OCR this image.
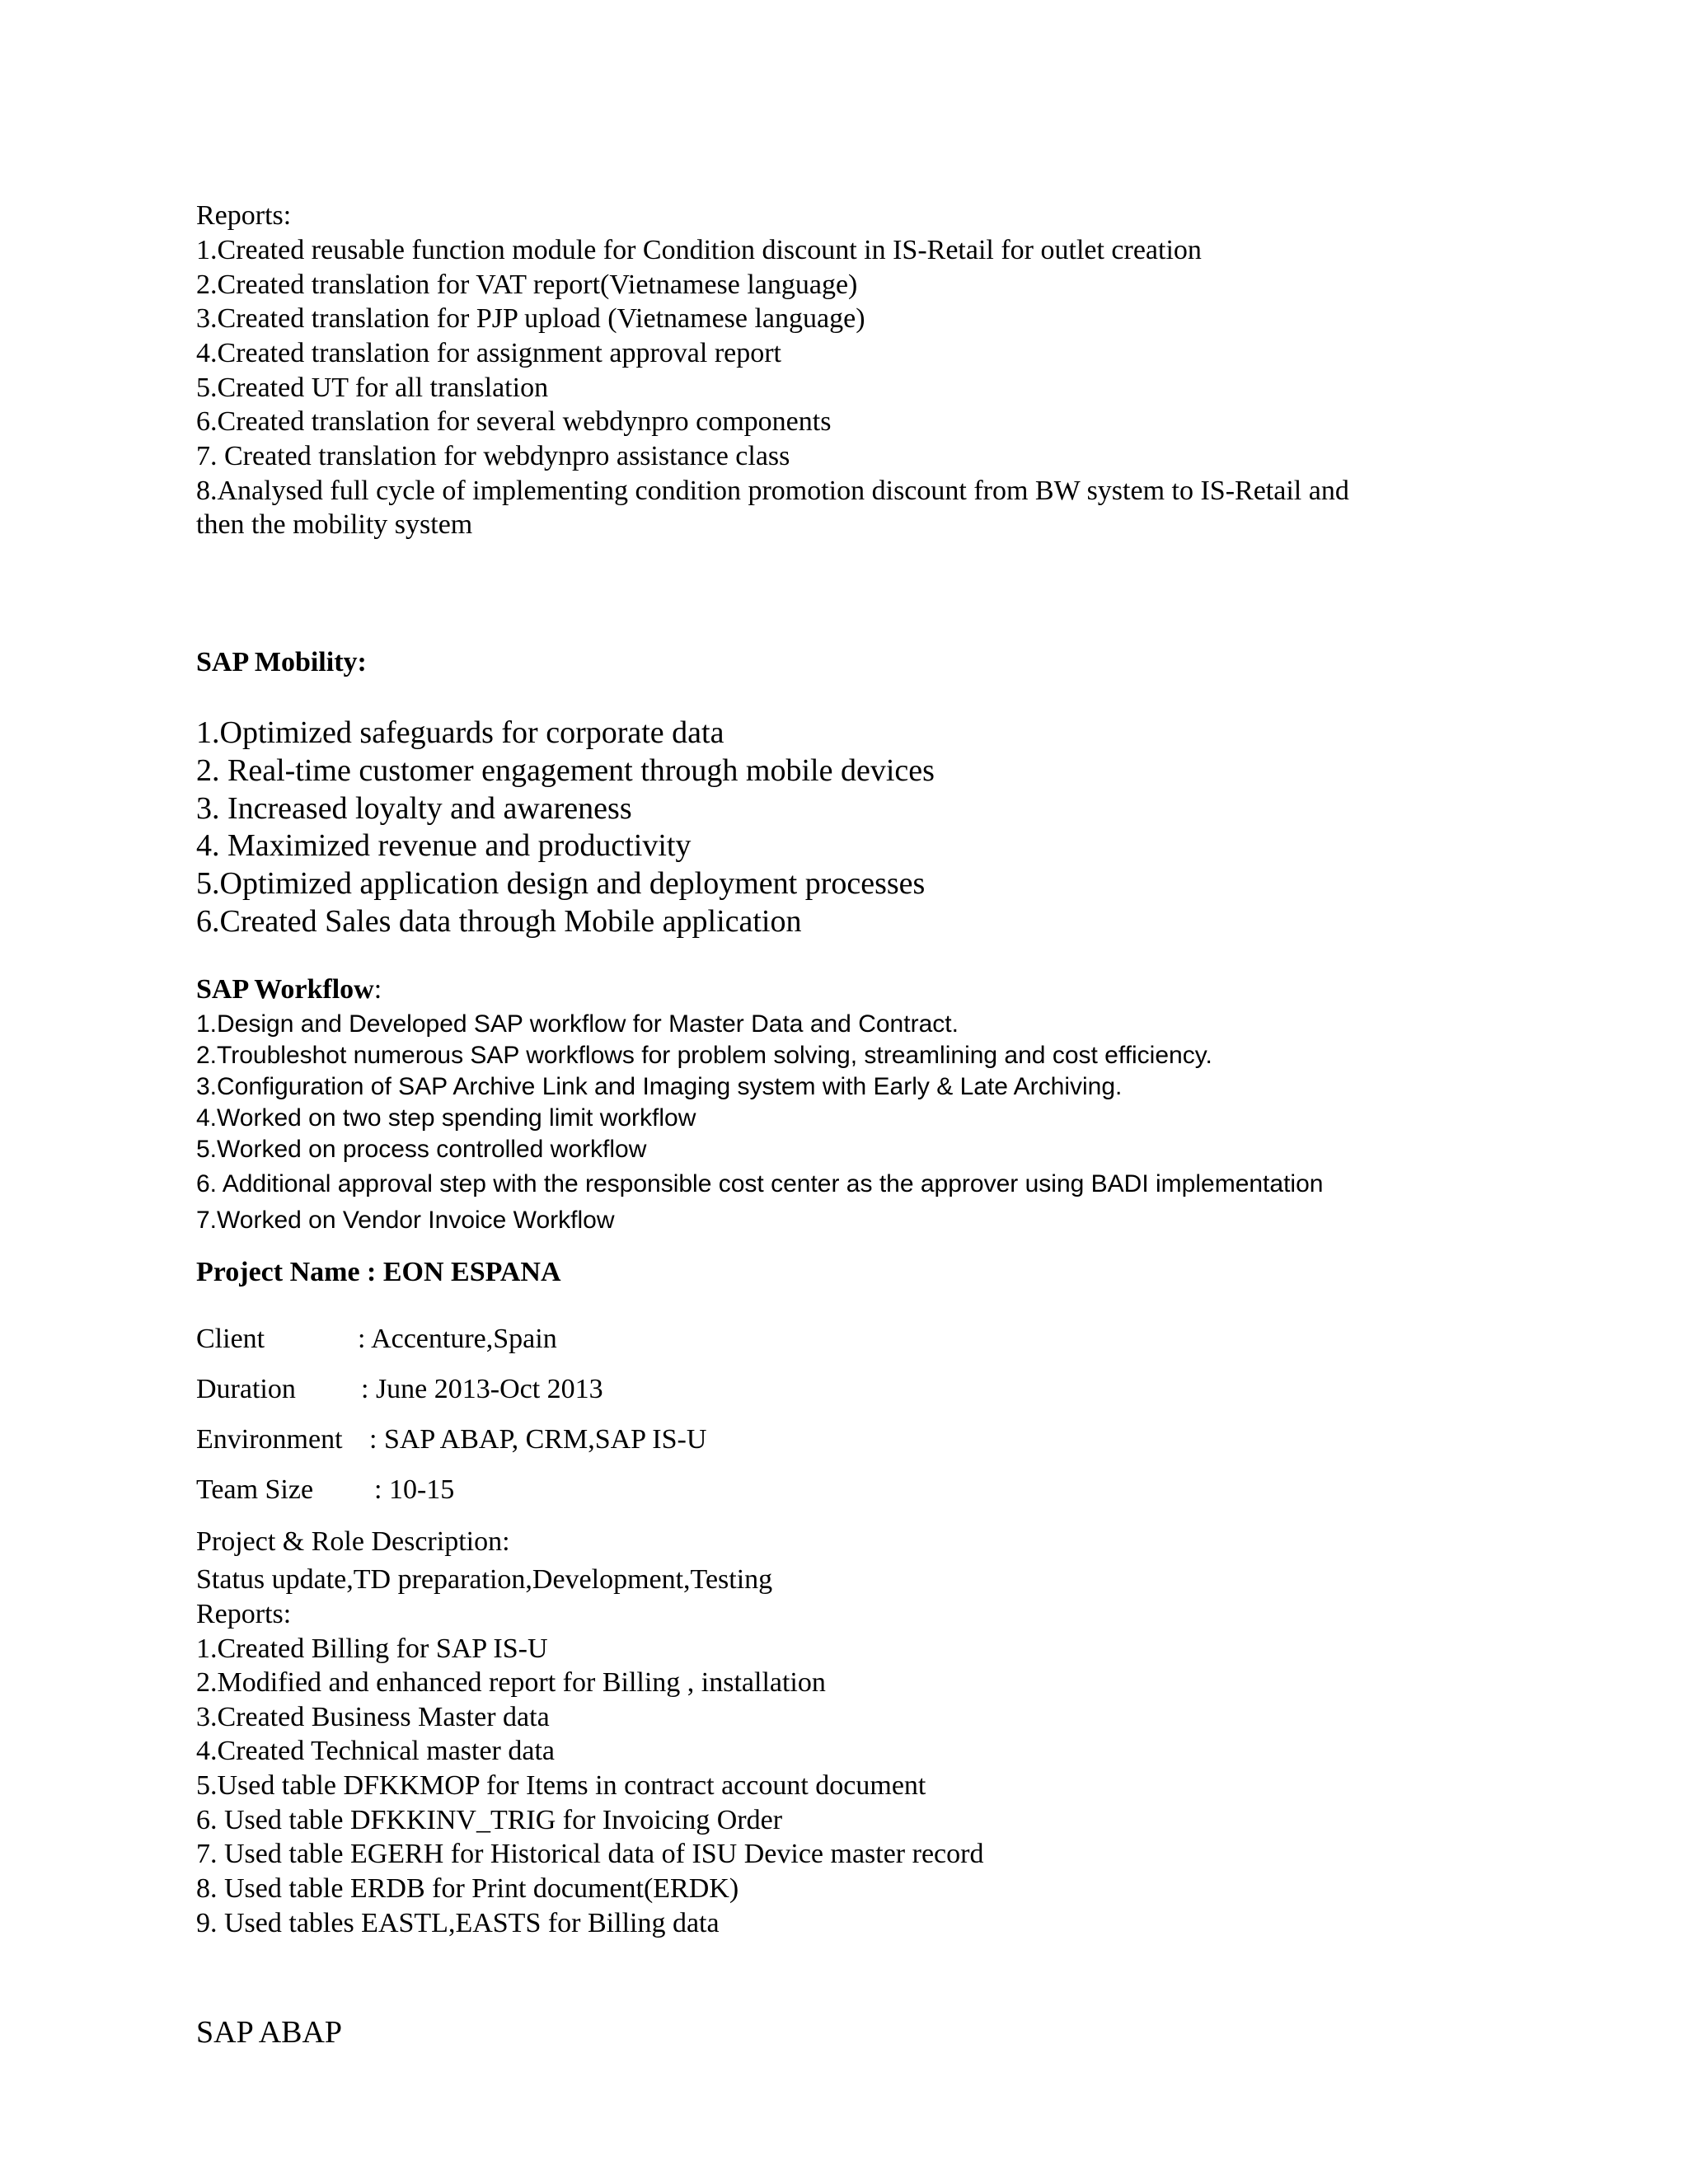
Reports:

1.Created reusable function module for Condition discount in IS-Retail for outlet creation

2.Created translation for VAT report(Vietnamese language)

3.Created translation for PJP upload (Vietnamese language)

4.Created translation for assignment approval report

5.Created UT for all translation

6.Created translation for several webdynpro components

7. Created translation for webdynpro assistance class

8.Analysed full cycle of implementing condition promotion discount from BW system to IS-Retail and

then the mobility system

SAP Mobility:

1.Optimized safeguards for corporate data

2. Real-time customer engagement through mobile devices

3. Increased loyalty and awareness

4. Maximized revenue and productivity

5.Optimized application design and deployment processes

6.Created Sales data through Mobile application

SAP Workflow:

1.Design and Developed SAP workflow for Master Data and Contract.

2.Troubleshot numerous SAP workflows for problem solving, streamlining and cost efficiency.

3.Configuration of SAP Archive Link and Imaging system with Early & Late Archiving.

4.Worked on two step spending limit workflow

5.Worked on process controlled workflow

6. Additional approval step with the responsible cost center as the approver using BADI implementation

7.Worked on Vendor Invoice Workflow

Project Name : EON ESPANA

Client	: Accenture,Spain

Duration : June 2013-Oct 2013

Environment : SAP ABAP, CRM,SAP IS-U

Team Size : 10-15

Project & Role Description:

Status update,TD preparation,Development,Testing

Reports:

1.Created Billing for SAP IS-U

2.Modified and enhanced report for Billing , installation

3.Created Business Master data

4.Created Technical master data

5.Used table DFKKMOP for Items in contract account document

6. Used table DFKKINV_TRIG for Invoicing Order

7. Used table EGERH for Historical data of ISU Device master record

8. Used table ERDB for Print document(ERDK)

9. Used tables EASTL,EASTS for Billing data

SAP ABAP
